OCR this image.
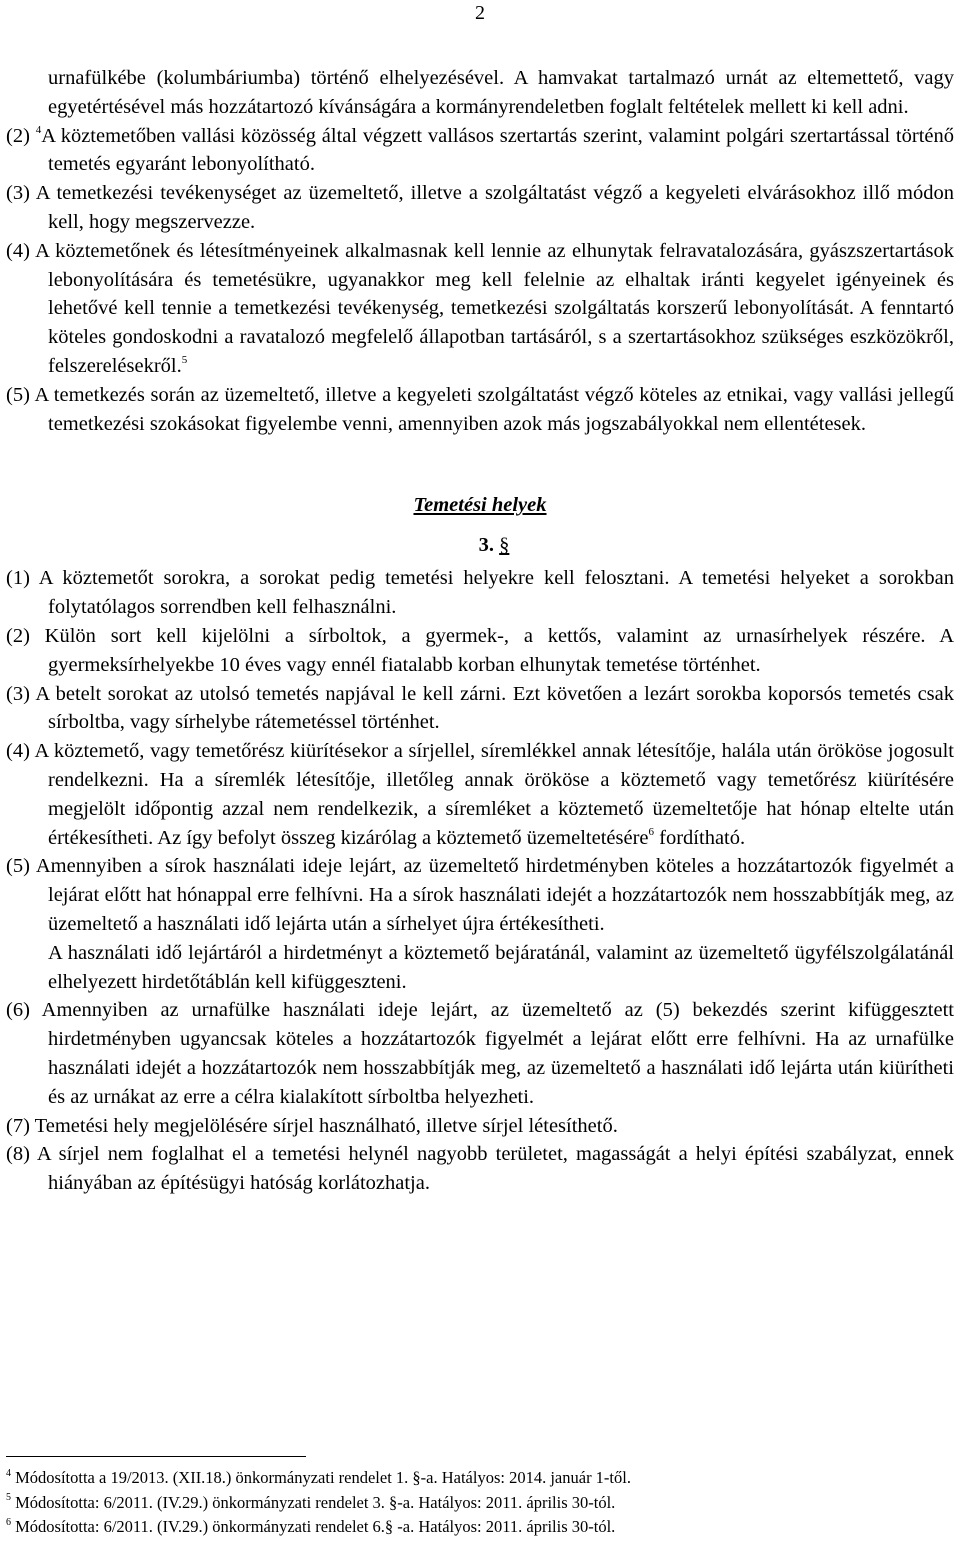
2

urnafülkébe (kolumbáriumba) történő elhelyezésével. A hamvakat tartalmazó urnát az eltemettető, vagy egyetértésével más hozzátartozó kívánságára a kormányrendeletben foglalt feltételek mellett ki kell adni.

(2) $^4$A köztemetőben vallási közösség által végzett vallásos szertartás szerint, valamint polgári szertartással történő temetés egyaránt lebonyolítható.

(3) A temetkezési tevékenységet az üzemeltető, illetve a szolgáltatást végző a kegyeleti elvárásokhoz illő módon kell, hogy megszervezze.

(4) A köztemetőnek és létesítményeinek alkalmasnak kell lennie az elhunytak felravatalozására, gyászszertartások lebonyolítására és temetésükre, ugyanakkor meg kell felelnie az elhaltak iránti kegyelet igényeinek és lehetővé kell tennie a temetkezési tevékenység, temetkezési szolgáltatás korszerű lebonyolítását. A fenntartó köteles gondoskodni a ravatalozó megfelelő állapotban tartásáról, s a szertartásokhoz szükséges eszközökről, felszerelésekről.$^5$

(5) A temetkezés során az üzemeltető, illetve a kegyeleti szolgáltatást végző köteles az etnikai, vagy vallási jellegű temetkezési szokásokat figyelembe venni, amennyiben azok más jogszabályokkal nem ellentétesek.

Temetési helyek
3. §

(1) A köztemetőt sorokra, a sorokat pedig temetési helyekre kell felosztani. A temetési helyeket a sorokban folytatólagos sorrendben kell felhasználni.

(2) Külön sort kell kijelölni a sírboltok, a gyermek-, a kettős, valamint az urnasírhelyek részére. A gyermeksírhelyekbe 10 éves vagy ennél fiatalabb korban elhunytak temetése történhet.

(3) A betelt sorokat az utolsó temetés napjával le kell zárni. Ezt követően a lezárt sorokba koporsós temetés csak sírboltba, vagy sírhelybe rátemetéssel történhet.

(4) A köztemető, vagy temetőrész kiürítésekor a sírjellel, síremlékkel annak létesítője, halála után örököse jogosult rendelkezni. Ha a síremlék létesítője, illetőleg annak örököse a köztemető vagy temetőrész kiürítésére megjelölt időpontig azzal nem rendelkezik, a síremléket a köztemető üzemeltetője hat hónap eltelte után értékesítheti. Az így befolyt összeg kizárólag a köztemető üzemeltetésére$^6$ fordítható.

(5) Amennyiben a sírok használati ideje lejárt, az üzemeltető hirdetményben köteles a hozzátartozók figyelmét a lejárat előtt hat hónappal erre felhívni. Ha a sírok használati idejét a hozzátartozók nem hosszabbítják meg, az üzemeltető a használati idő lejárta után a sírhelyet újra értékesítheti.

A használati idő lejártáról a hirdetményt a köztemető bejáratánál, valamint az üzemeltető ügyfélszolgálatánál elhelyezett hirdetőtáblán kell kifüggeszteni.

(6) Amennyiben az urnafülke használati ideje lejárt, az üzemeltető az (5) bekezdés szerint kifüggesztett hirdetményben ugyancsak köteles a hozzátartozók figyelmét a lejárat előtt erre felhívni. Ha az urnafülke használati idejét a hozzátartozók nem hosszabbítják meg, az üzemeltető a használati idő lejárta után kiürítheti és az urnákat az erre a célra kialakított sírboltba helyezheti.

(7) Temetési hely megjelölésére sírjel használható, illetve sírjel létesíthető.

(8) A sírjel nem foglalhat el a temetési helynél nagyobb területet, magasságát a helyi építési szabályzat, ennek hiányában az építésügyi hatóság korlátozhatja.

$^4$ Módosította a 19/2013. (XII.18.) önkormányzati rendelet 1. §-a. Hatályos: 2014. január 1-től.
$^5$ Módosította: 6/2011. (IV.29.) önkormányzati rendelet 3. §-a. Hatályos: 2011. április 30-tól.
$^6$ Módosította: 6/2011. (IV.29.) önkormányzati rendelet 6.§ -a. Hatályos: 2011. április 30-tól.
